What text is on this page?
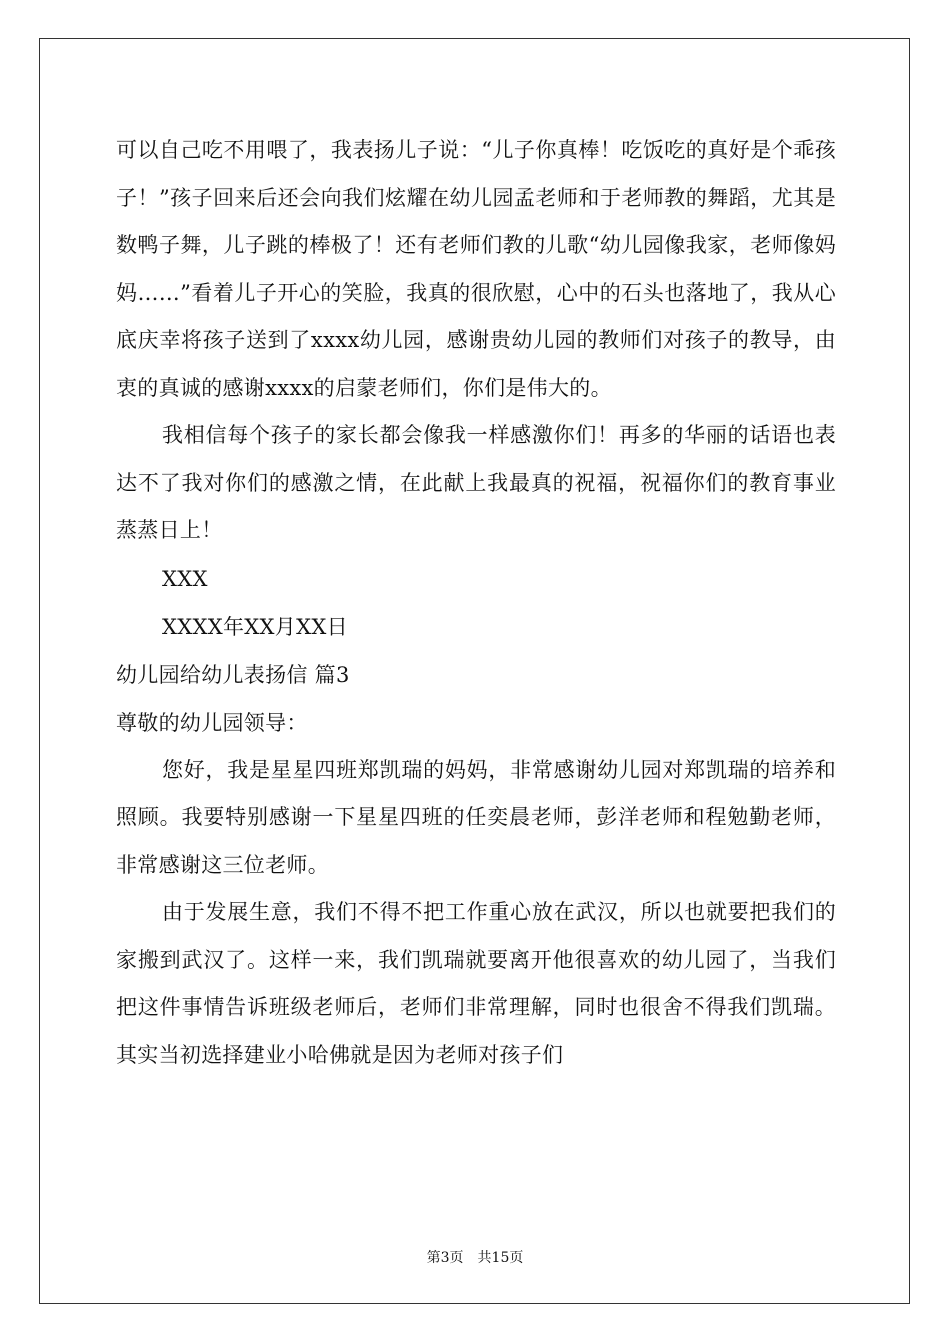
可以自己吃不用喂了，我表扬儿子说：“儿子你真棒！吃饭吃的真好是个乖孩子！”孩子回来后还会向我们炫耀在幼儿园孟老师和于老师教的舞蹈，尤其是数鸭子舞，儿子跳的棒极了！还有老师们教的儿歌“幼儿园像我家，老师像妈妈……”看着儿子开心的笑脸，我真的很欣慰，心中的石头也落地了，我从心底庆幸将孩子送到了xxxx幼儿园，感谢贵幼儿园的教师们对孩子的教导，由衷的真诚的感谢xxxx的启蒙老师们，你们是伟大的。

我相信每个孩子的家长都会像我一样感激你们！再多的华丽的话语也表达不了我对你们的感激之情，在此献上我最真的祝福，祝福你们的教育事业蒸蒸日上！

XXX

XXXX年XX月XX日

幼儿园给幼儿表扬信 篇3

尊敬的幼儿园领导：

您好，我是星星四班郑凯瑞的妈妈，非常感谢幼儿园对郑凯瑞的培养和照顾。我要特别感谢一下星星四班的任奕晨老师，彭洋老师和程勉勤老师，非常感谢这三位老师。

由于发展生意，我们不得不把工作重心放在武汉，所以也就要把我们的家搬到武汉了。这样一来，我们凯瑞就要离开他很喜欢的幼儿园了，当我们把这件事情告诉班级老师后，老师们非常理解，同时也很舍不得我们凯瑞。其实当初选择建业小哈佛就是因为老师对孩子们

第3页 共15页
